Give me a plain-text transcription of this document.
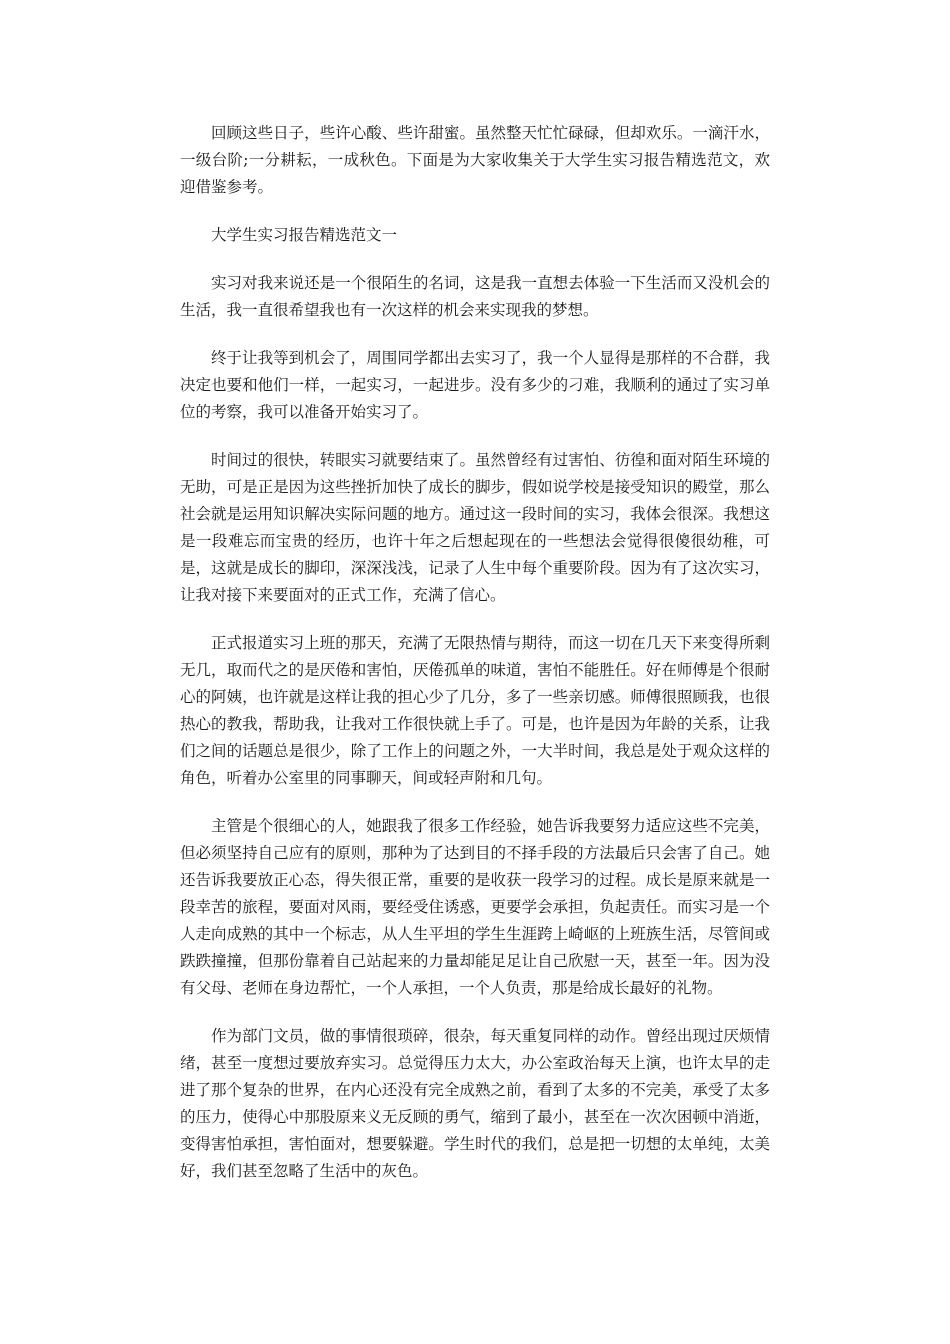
回顾这些日子，些许心酸、些许甜蜜。虽然整天忙忙碌碌，但却欢乐。一滴汗水，一级台阶;一分耕耘，一成秋色。下面是为大家收集关于大学生实习报告精选范文，欢迎借鉴参考。

大学生实习报告精选范文一

实习对我来说还是一个很陌生的名词，这是我一直想去体验一下生活而又没机会的生活，我一直很希望我也有一次这样的机会来实现我的梦想。

终于让我等到机会了，周围同学都出去实习了，我一个人显得是那样的不合群，我决定也要和他们一样，一起实习，一起进步。没有多少的刁难，我顺利的通过了实习单位的考察，我可以准备开始实习了。

时间过的很快，转眼实习就要结束了。虽然曾经有过害怕、彷徨和面对陌生环境的无助，可是正是因为这些挫折加快了成长的脚步，假如说学校是接受知识的殿堂，那么社会就是运用知识解决实际问题的地方。通过这一段时间的实习，我体会很深。我想这是一段难忘而宝贵的经历，也许十年之后想起现在的一些想法会觉得很傻很幼稚，可是，这就是成长的脚印，深深浅浅，记录了人生中每个重要阶段。因为有了这次实习，让我对接下来要面对的正式工作，充满了信心。

正式报道实习上班的那天，充满了无限热情与期待，而这一切在几天下来变得所剩无几，取而代之的是厌倦和害怕，厌倦孤单的味道，害怕不能胜任。好在师傅是个很耐心的阿姨，也许就是这样让我的担心少了几分，多了一些亲切感。师傅很照顾我，也很热心的教我，帮助我，让我对工作很快就上手了。可是，也许是因为年龄的关系，让我们之间的话题总是很少，除了工作上的问题之外，一大半时间，我总是处于观众这样的角色，听着办公室里的同事聊天，间或轻声附和几句。

主管是个很细心的人，她跟我了很多工作经验，她告诉我要努力适应这些不完美，但必须坚持自己应有的原则，那种为了达到目的不择手段的方法最后只会害了自己。她还告诉我要放正心态，得失很正常，重要的是收获一段学习的过程。成长是原来就是一段幸苦的旅程，要面对风雨，要经受住诱惑，更要学会承担，负起责任。而实习是一个人走向成熟的其中一个标志，从人生平坦的学生生涯跨上崎岖的上班族生活，尽管间或跌跌撞撞，但那份靠着自己站起来的力量却能足足让自己欣慰一天，甚至一年。因为没有父母、老师在身边帮忙，一个人承担，一个人负责，那是给成长最好的礼物。

作为部门文员，做的事情很琐碎，很杂，每天重复同样的动作。曾经出现过厌烦情绪，甚至一度想过要放弃实习。总觉得压力太大，办公室政治每天上演，也许太早的走进了那个复杂的世界，在内心还没有完全成熟之前，看到了太多的不完美，承受了太多的压力，使得心中那股原来义无反顾的勇气，缩到了最小，甚至在一次次困顿中消逝，变得害怕承担，害怕面对，想要躲避。学生时代的我们，总是把一切想的太单纯，太美好，我们甚至忽略了生活中的灰色。
